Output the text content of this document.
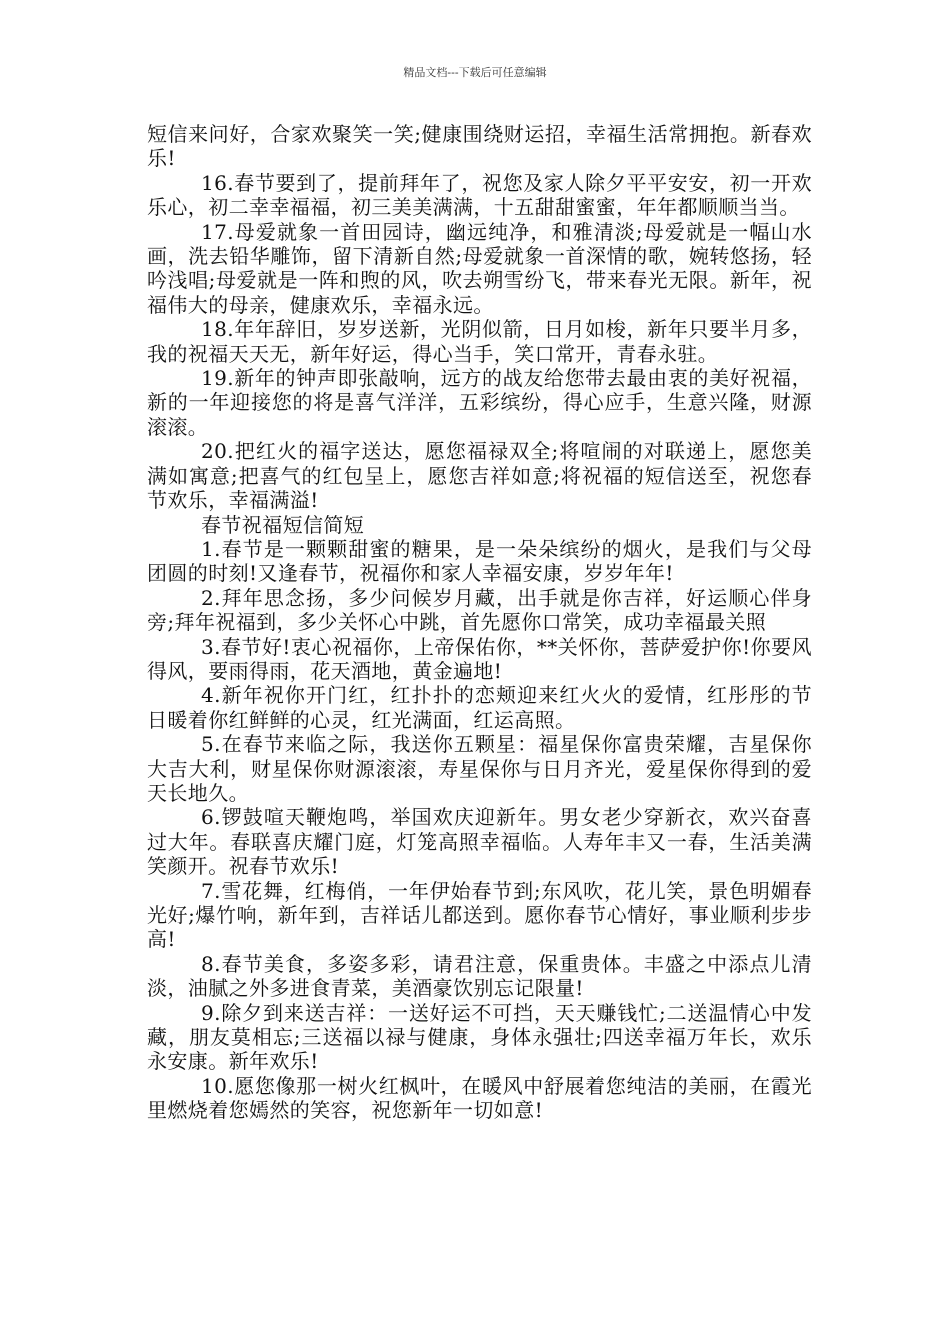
精品文档---下载后可任意编辑

短信来问好，合家欢聚笑一笑;健康围绕财运招，幸福生活常拥抱。新春欢乐!

16.春节要到了，提前拜年了，祝您及家人除夕平平安安，初一开欢乐心，初二幸幸福福，初三美美满满，十五甜甜蜜蜜，年年都顺顺当当。

17.母爱就象一首田园诗，幽远纯净，和雅清淡;母爱就是一幅山水画，洗去铅华雕饰，留下清新自然;母爱就象一首深情的歌，婉转悠扬，轻吟浅唱;母爱就是一阵和煦的风，吹去朔雪纷飞，带来春光无限。新年，祝福伟大的母亲，健康欢乐，幸福永远。

18.年年辞旧，岁岁送新，光阴似箭，日月如梭，新年只要半月多，我的祝福天天无，新年好运，得心当手，笑口常开，青春永驻。

19.新年的钟声即张敲响，远方的战友给您带去最由衷的美好祝福，新的一年迎接您的将是喜气洋洋，五彩缤纷，得心应手，生意兴隆，财源滚滚。

20.把红火的福字送达，愿您福禄双全;将喧闹的对联递上，愿您美满如寓意;把喜气的红包呈上，愿您吉祥如意;将祝福的短信送至，祝您春节欢乐，幸福满溢!

春节祝福短信简短

1.春节是一颗颗甜蜜的糖果，是一朵朵缤纷的烟火，是我们与父母团圆的时刻!又逢春节，祝福你和家人幸福安康，岁岁年年!

2.拜年思念扬，多少问候岁月藏，出手就是你吉祥，好运顺心伴身旁;拜年祝福到，多少关怀心中跳，首先愿你口常笑，成功幸福最关照

3.春节好!衷心祝福你，上帝保佑你，**关怀你，菩萨爱护你!你要风得风，要雨得雨，花天酒地，黄金遍地!

4.新年祝你开门红，红扑扑的恋颊迎来红火火的爱情，红彤彤的节日暖着你红鲜鲜的心灵，红光满面，红运高照。

5.在春节来临之际，我送你五颗星：福星保你富贵荣耀，吉星保你大吉大利，财星保你财源滚滚，寿星保你与日月齐光，爱星保你得到的爱天长地久。

6.锣鼓喧天鞭炮鸣，举国欢庆迎新年。男女老少穿新衣，欢兴奋喜过大年。春联喜庆耀门庭，灯笼高照幸福临。人寿年丰又一春，生活美满笑颜开。祝春节欢乐!

7.雪花舞，红梅俏，一年伊始春节到;东风吹，花儿笑，景色明媚春光好;爆竹响，新年到，吉祥话儿都送到。愿你春节心情好，事业顺利步步高!

8.春节美食，多姿多彩，请君注意，保重贵体。丰盛之中添点儿清淡，油腻之外多进食青菜，美酒豪饮别忘记限量!

9.除夕到来送吉祥：一送好运不可挡，天天赚钱忙;二送温情心中发藏，朋友莫相忘;三送福以禄与健康，身体永强壮;四送幸福万年长，欢乐永安康。新年欢乐!

10.愿您像那一树火红枫叶，在暖风中舒展着您纯洁的美丽，在霞光里燃烧着您嫣然的笑容，祝您新年一切如意!
